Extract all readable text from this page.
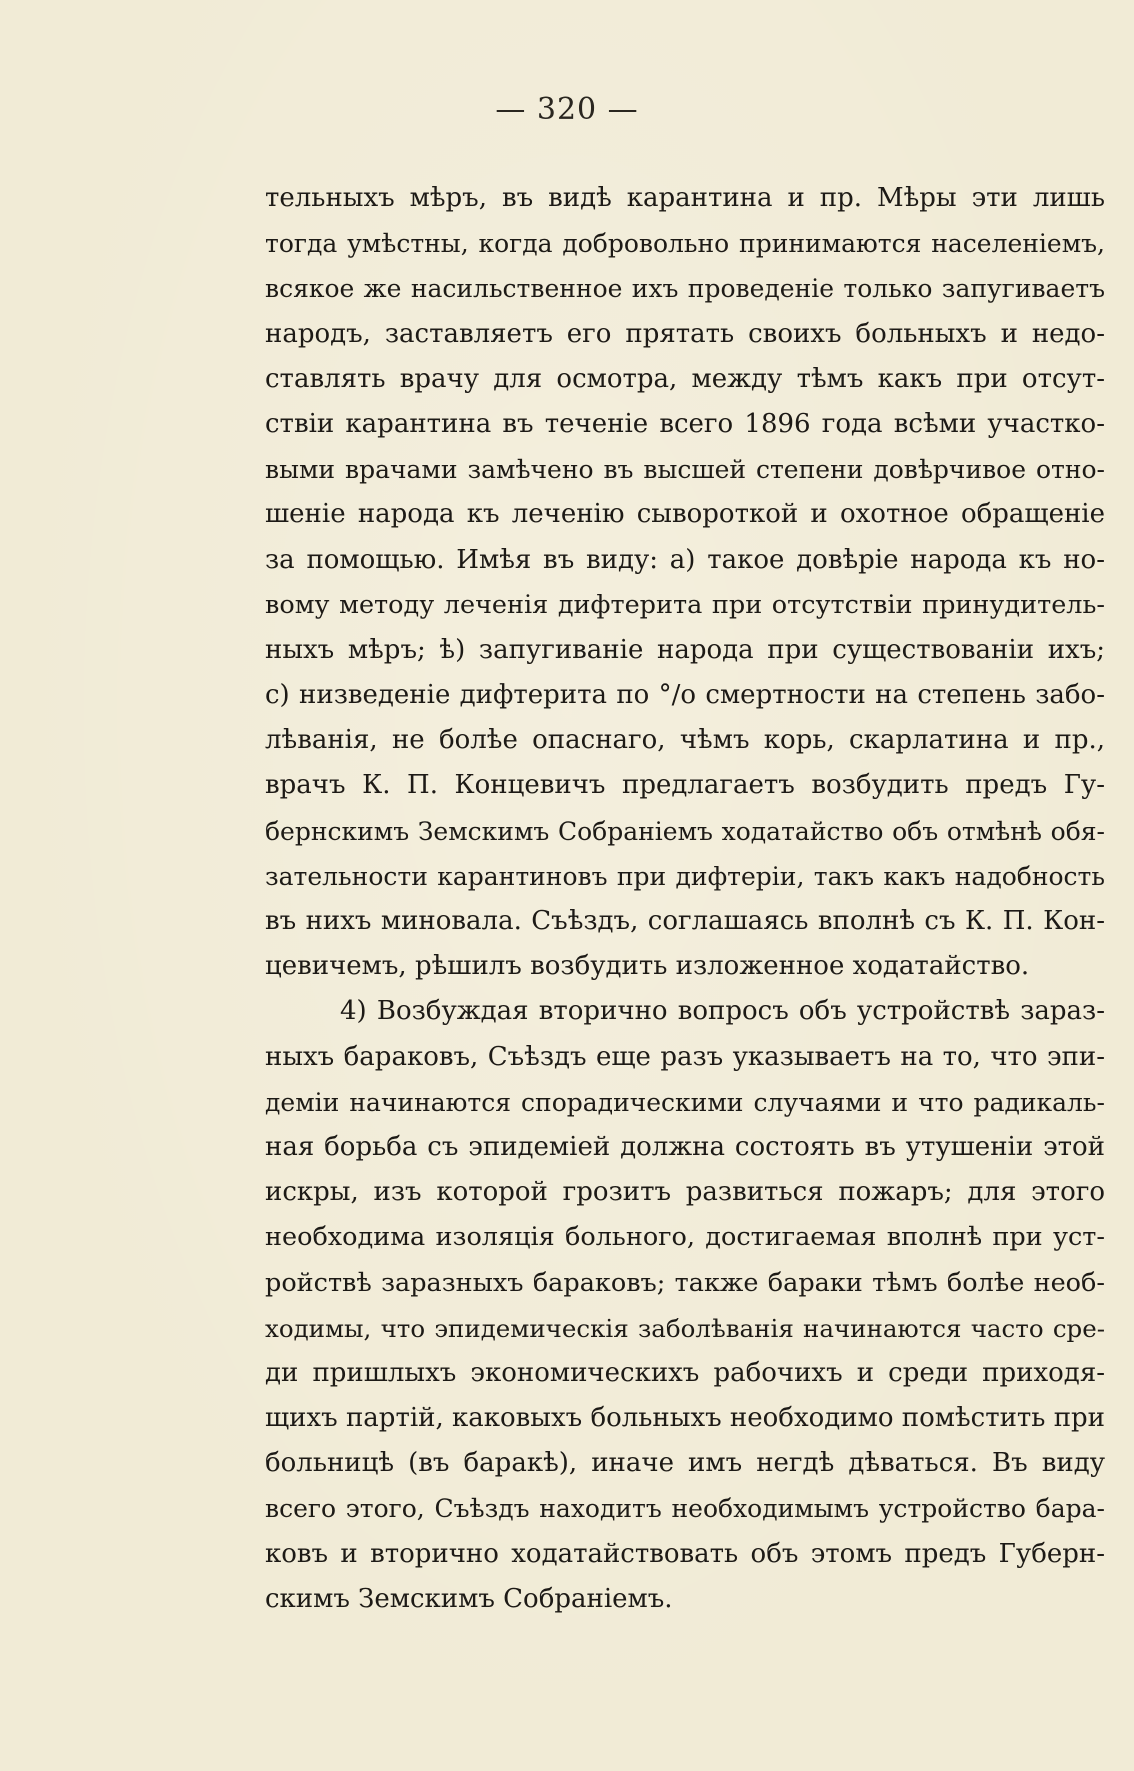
— 320 —
тельныхъ мѣръ, въ видѣ карантина и пр. Мѣры эти лишь
тогда умѣстны, когда добровольно принимаются населеніемъ,
всякое же насильственное ихъ проведеніе только запугиваетъ
народъ, заставляетъ его прятать своихъ больныхъ и недо-
ставлять врачу для осмотра, между тѣмъ какъ при отсут-
ствіи карантина въ теченіе всего 1896 года всѣми участко-
выми врачами замѣчено въ высшей степени довѣрчивое отно-
шеніе народа къ леченію сывороткой и охотное обращеніе
за помощью. Имѣя въ виду: а) такое довѣріе народа къ но-
вому методу леченія дифтерита при отсутствіи принудитель-
ныхъ мѣръ; ѣ) запугиваніе народа при существованіи ихъ;
с) низведеніе дифтерита по °/о смертности на степень забо-
лѣванія, не болѣе опаснаго, чѣмъ корь, скарлатина и пр.,
врачъ К. П. Концевичъ предлагаетъ возбудить предъ Гу-
бернскимъ Земскимъ Собраніемъ ходатайство объ отмѣнѣ обя-
зательности карантиновъ при дифтеріи, такъ какъ надобность
въ нихъ миновала. Съѣздъ, соглашаясь вполнѣ съ К. П. Кон-
цевичемъ, рѣшилъ возбудить изложенное ходатайство.
4) Возбуждая вторично вопросъ объ устройствѣ зараз-
ныхъ бараковъ, Съѣздъ еще разъ указываетъ на то, что эпи-
деміи начинаются спорадическими случаями и что радикаль-
ная борьба съ эпидеміей должна состоять въ утушеніи этой
искры, изъ которой грозитъ развиться пожаръ; для этого
необходима изоляція больного, достигаемая вполнѣ при уст-
ройствѣ заразныхъ бараковъ; также бараки тѣмъ болѣе необ-
ходимы, что эпидемическія заболѣванія начинаются часто сре-
ди пришлыхъ экономическихъ рабочихъ и среди приходя-
щихъ партій, каковыхъ больныхъ необходимо помѣстить при
больницѣ (въ баракѣ), иначе имъ негдѣ дѣваться. Въ виду
всего этого, Съѣздъ находитъ необходимымъ устройство бара-
ковъ и вторично ходатайствовать объ этомъ предъ Губерн-
скимъ Земскимъ Собраніемъ.
